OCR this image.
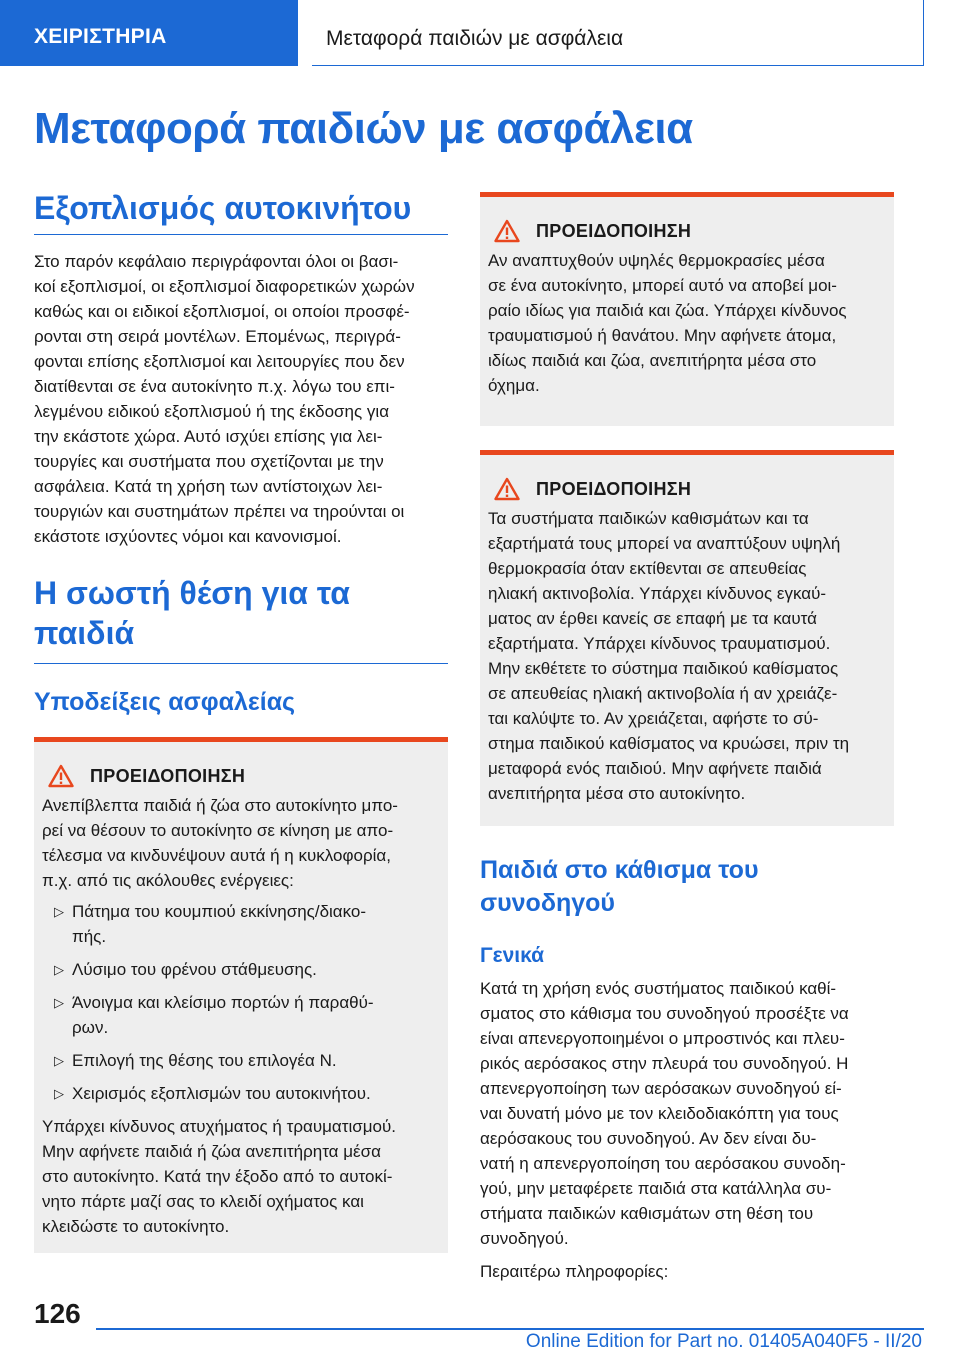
ΧΕΙΡΙΣΤΗΡΙΑ	Μεταφορά παιδιών με ασφάλεια
Μεταφορά παιδιών με ασφάλεια
Εξοπλισμός αυτοκινήτου

Στο παρόν κεφάλαιο περιγράφονται όλοι οι βασι‐
κοί εξοπλισμοί, οι εξοπλισμοί διαφορετικών χωρών
καθώς και οι ειδικοί εξοπλισμοί, οι οποίοι προσφέ‐
ρονται στη σειρά μοντέλων. Επομένως, περιγρά‐
φονται επίσης εξοπλισμοί και λειτουργίες που δεν
διατίθενται σε ένα αυτοκίνητο π.χ. λόγω του επι‐
λεγμένου ειδικού εξοπλισμού ή της έκδοσης για
την εκάστοτε χώρα. Αυτό ισχύει επίσης για λει‐
τουργίες και συστήματα που σχετίζονται με την
ασφάλεια. Κατά τη χρήση των αντίστοιχων λει‐
τουργιών και συστημάτων πρέπει να τηρούνται οι
εκάστοτε ισχύοντες νόμοι και κανονισμοί.

Η σωστή θέση για τα
παιδιά
Υποδείξεις ασφαλείας
ΠΡΟΕΙΔΟΠΟΙΗΣΗ

Ανεπίβλεπτα παιδιά ή ζώα στο αυτοκίνητο μπο‐
ρεί να θέσουν το αυτοκίνητο σε κίνηση με απο‐
τέλεσμα να κινδυνέψουν αυτά ή η κυκλοφορία,
π.χ. από τις ακόλουθες ενέργειες:

▷ Πάτημα του κουμπιού εκκίνησης/διακο‐
πής.
▷ Λύσιμο του φρένου στάθμευσης.
▷ Άνοιγμα και κλείσιμο πορτών ή παραθύ‐
ρων.
▷ Επιλογή της θέσης του επιλογέα N.
▷ Χειρισμός εξοπλισμών του αυτοκινήτου.

Υπάρχει κίνδυνος ατυχήματος ή τραυματισμού.
Μην αφήνετε παιδιά ή ζώα ανεπιτήρητα μέσα
στο αυτοκίνητο. Κατά την έξοδο από το αυτοκί‐
νητο πάρτε μαζί σας το κλειδί οχήματος και
κλειδώστε το αυτοκίνητο.

ΠΡΟΕΙΔΟΠΟΙΗΣΗ

Αν αναπτυχθούν υψηλές θερμοκρασίες μέσα
σε ένα αυτοκίνητο, μπορεί αυτό να αποβεί μοι‐
ραίο ιδίως για παιδιά και ζώα. Υπάρχει κίνδυνος
τραυματισμού ή θανάτου. Μην αφήνετε άτομα,
ιδίως παιδιά και ζώα, ανεπιτήρητα μέσα στο
όχημα.

ΠΡΟΕΙΔΟΠΟΙΗΣΗ

Τα συστήματα παιδικών καθισμάτων και τα
εξαρτήματά τους μπορεί να αναπτύξουν υψηλή
θερμοκρασία όταν εκτίθενται σε απευθείας
ηλιακή ακτινοβολία. Υπάρχει κίνδυνος εγκαύ‐
ματος αν έρθει κανείς σε επαφή με τα καυτά
εξαρτήματα. Υπάρχει κίνδυνος τραυματισμού.
Μην εκθέτετε το σύστημα παιδικού καθίσματος
σε απευθείας ηλιακή ακτινοβολία ή αν χρειάζε‐
ται καλύψτε το. Αν χρειάζεται, αφήστε το σύ‐
στημα παιδικού καθίσματος να κρυώσει, πριν τη
μεταφορά ενός παιδιού. Μην αφήνετε παιδιά
ανεπιτήρητα μέσα στο αυτοκίνητο.

Παιδιά στο κάθισμα του
συνοδηγού
Γενικά

Κατά τη χρήση ενός συστήματος παιδικού καθί‐
σματος στο κάθισμα του συνοδηγού προσέξτε να
είναι απενεργοποιημένοι ο μπροστινός και πλευ‐
ρικός αερόσακος στην πλευρά του συνοδηγού. Η
απενεργοποίηση των αερόσακων συνοδηγού εί‐
ναι δυνατή μόνο με τον κλειδοδιακόπτη για τους
αερόσακους του συνοδηγού. Αν δεν είναι δυ‐
νατή η απενεργοποίηση του αερόσακου συνοδη‐
γού, μην μεταφέρετε παιδιά στα κατάλληλα συ‐
στήματα παιδικών καθισμάτων στη θέση του
συνοδηγού.

Περαιτέρω πληροφορίες:

126
Online Edition for Part no. 01405A040F5 - II/20
